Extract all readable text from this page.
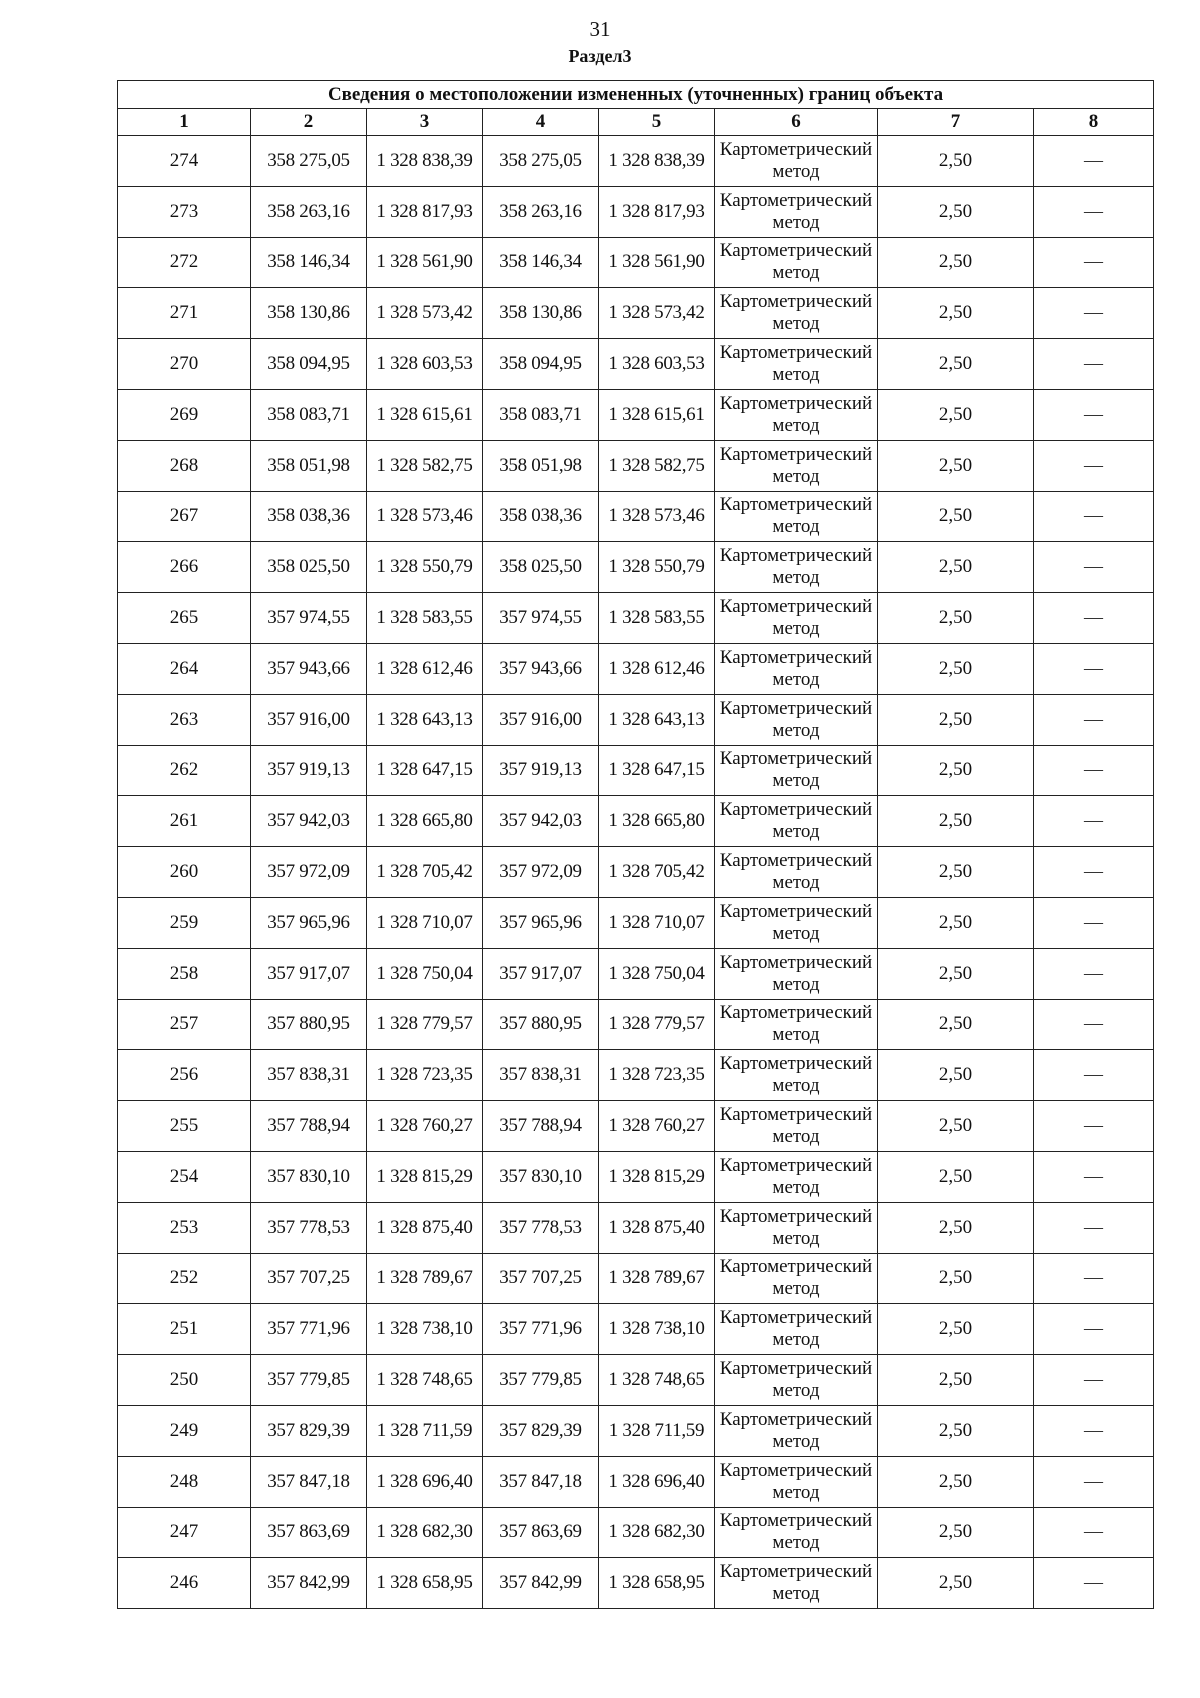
31
Раздел3
Сведения о местоположении измененных (уточненных) границ объекта							
1	2	3	4	5	6	7	8
274	358 275,05	1 328 838,39	358 275,05	1 328 838,39	Картометрический метод	2,50	—
273	358 263,16	1 328 817,93	358 263,16	1 328 817,93	Картометрический метод	2,50	—
272	358 146,34	1 328 561,90	358 146,34	1 328 561,90	Картометрический метод	2,50	—
271	358 130,86	1 328 573,42	358 130,86	1 328 573,42	Картометрический метод	2,50	—
270	358 094,95	1 328 603,53	358 094,95	1 328 603,53	Картометрический метод	2,50	—
269	358 083,71	1 328 615,61	358 083,71	1 328 615,61	Картометрический метод	2,50	—
268	358 051,98	1 328 582,75	358 051,98	1 328 582,75	Картометрический метод	2,50	—
267	358 038,36	1 328 573,46	358 038,36	1 328 573,46	Картометрический метод	2,50	—
266	358 025,50	1 328 550,79	358 025,50	1 328 550,79	Картометрический метод	2,50	—
265	357 974,55	1 328 583,55	357 974,55	1 328 583,55	Картометрический метод	2,50	—
264	357 943,66	1 328 612,46	357 943,66	1 328 612,46	Картометрический метод	2,50	—
263	357 916,00	1 328 643,13	357 916,00	1 328 643,13	Картометрический метод	2,50	—
262	357 919,13	1 328 647,15	357 919,13	1 328 647,15	Картометрический метод	2,50	—
261	357 942,03	1 328 665,80	357 942,03	1 328 665,80	Картометрический метод	2,50	—
260	357 972,09	1 328 705,42	357 972,09	1 328 705,42	Картометрический метод	2,50	—
259	357 965,96	1 328 710,07	357 965,96	1 328 710,07	Картометрический метод	2,50	—
258	357 917,07	1 328 750,04	357 917,07	1 328 750,04	Картометрический метод	2,50	—
257	357 880,95	1 328 779,57	357 880,95	1 328 779,57	Картометрический метод	2,50	—
256	357 838,31	1 328 723,35	357 838,31	1 328 723,35	Картометрический метод	2,50	—
255	357 788,94	1 328 760,27	357 788,94	1 328 760,27	Картометрический метод	2,50	—
254	357 830,10	1 328 815,29	357 830,10	1 328 815,29	Картометрический метод	2,50	—
253	357 778,53	1 328 875,40	357 778,53	1 328 875,40	Картометрический метод	2,50	—
252	357 707,25	1 328 789,67	357 707,25	1 328 789,67	Картометрический метод	2,50	—
251	357 771,96	1 328 738,10	357 771,96	1 328 738,10	Картометрический метод	2,50	—
250	357 779,85	1 328 748,65	357 779,85	1 328 748,65	Картометрический метод	2,50	—
249	357 829,39	1 328 711,59	357 829,39	1 328 711,59	Картометрический метод	2,50	—
248	357 847,18	1 328 696,40	357 847,18	1 328 696,40	Картометрический метод	2,50	—
247	357 863,69	1 328 682,30	357 863,69	1 328 682,30	Картометрический метод	2,50	—
246	357 842,99	1 328 658,95	357 842,99	1 328 658,95	Картометрический метод	2,50	—
